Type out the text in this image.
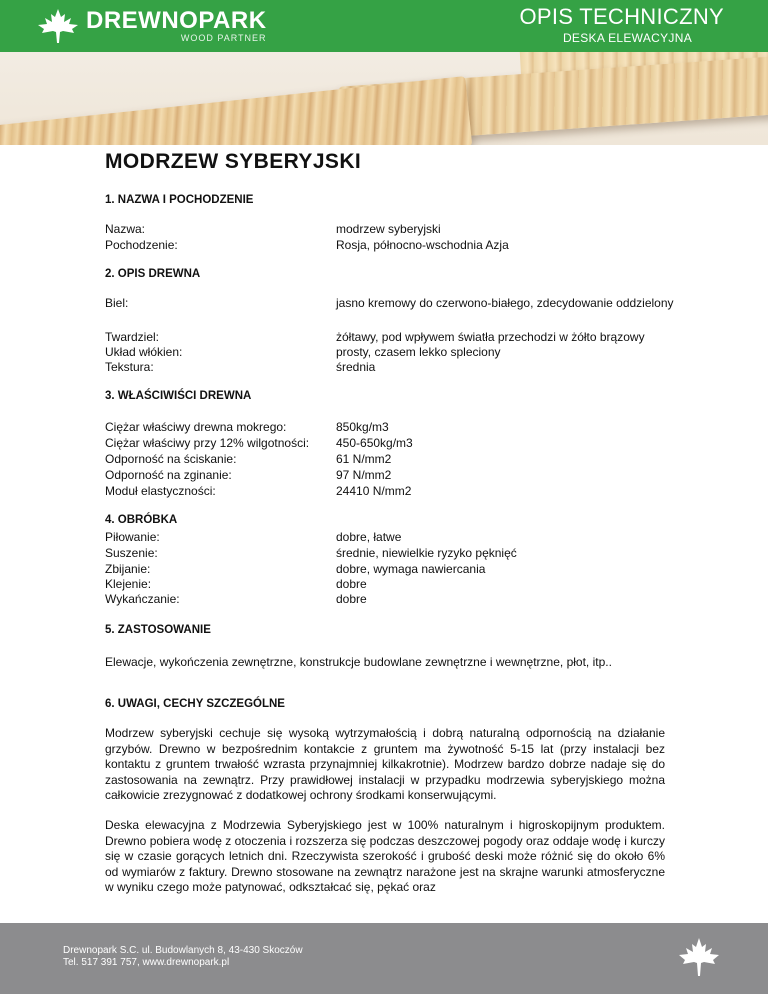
DREWNOPARK
WOOD PARTNER
OPIS TECHNICZNY
DESKA ELEWACYJNA
MODRZEW SYBERYJSKI
1. NAZWA I POCHODZENIE
Nazwa:	modrzew syberyjski
Pochodzenie:	Rosja, północno-wschodnia Azja
2. OPIS DREWNA
Biel:	jasno kremowy do czerwono-białego, zdecydowanie oddzielony
Twardziel:	żółtawy, pod wpływem światła przechodzi w żółto brązowy
Układ włókien:	prosty, czasem lekko spleciony
Tekstura:	średnia
3. WŁAŚCIWIŚCI DREWNA
Ciężar właściwy drewna mokrego:	850kg/m3
Ciężar właściwy przy 12% wilgotności:	450-650kg/m3
Odporność na ściskanie:	61 N/mm2
Odporność na zginanie:	97 N/mm2
Moduł elastyczności:	24410 N/mm2
4. OBRÓBKA
Piłowanie:	dobre, łatwe
Suszenie:	średnie, niewielkie ryzyko pęknięć
Zbijanie:	dobre, wymaga nawiercania
Klejenie:	dobre
Wykańczanie:	dobre
5. ZASTOSOWANIE
Elewacje, wykończenia zewnętrzne, konstrukcje budowlane zewnętrzne i wewnętrzne, płot, itp..
6. UWAGI, CECHY SZCZEGÓLNE
Modrzew syberyjski cechuje się wysoką wytrzymałością i dobrą naturalną odpornością na działanie grzybów. Drewno w bezpośrednim kontakcie z gruntem ma żywotność 5-15 lat (przy instalacji bez kontaktu z gruntem trwałość wzrasta przynajmniej kilkakrotnie). Modrzew bardzo dobrze nadaje się do zastosowania na zewnątrz. Przy prawidłowej instalacji w przypadku modrzewia syberyjskiego można całkowicie zrezygnować z dodatkowej ochrony środkami konserwującymi.
Deska elewacyjna z Modrzewia Syberyjskiego jest w 100% naturalnym i higroskopijnym produktem. Drewno pobiera wodę z otoczenia i rozszerza się podczas deszczowej pogody oraz oddaje wodę i kurczy się w czasie gorących letnich dni. Rzeczywista szerokość i grubość deski może różnić się do około 6% od wymiarów z faktury. Drewno stosowane na zewnątrz narażone jest na skrajne warunki atmosferyczne w wyniku czego może patynować, odkształcać się, pękać oraz
Drewnopark S.C. ul. Budowlanych 8, 43-430 Skoczów
Tel. 517 391 757, www.drewnopark.pl
